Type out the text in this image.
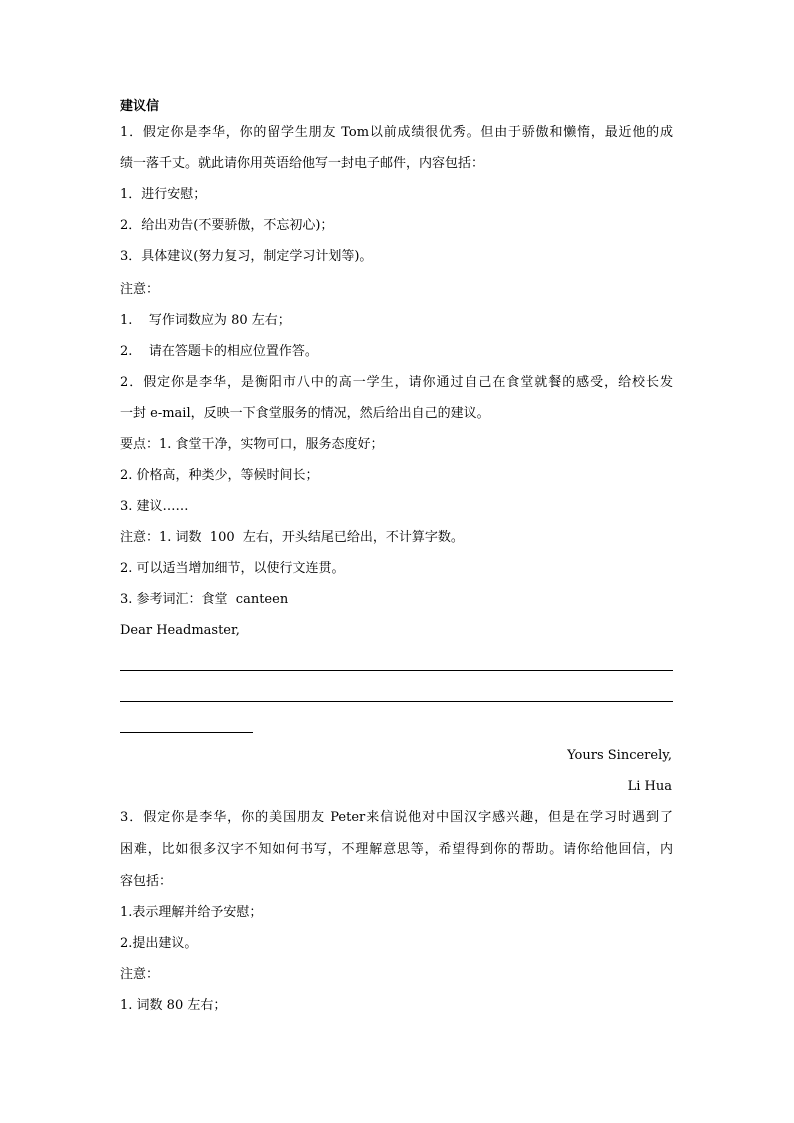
建议信
1．假定你是李华，你的留学生朋友 Tom以前成绩很优秀。但由于骄傲和懒惰，最近他的成
绩一落千丈。就此请你用英语给他写一封电子邮件，内容包括：
1．进行安慰；
2．给出劝告(不要骄傲，不忘初心)；
3．具体建议(努力复习，制定学习计划等)。
注意：
1.    写作词数应为 80 左右；
2.    请在答题卡的相应位置作答。
2．假定你是李华，是衡阳市八中的高一学生，请你通过自己在食堂就餐的感受，给校长发
一封 e-mail，反映一下食堂服务的情况，然后给出自己的建议。
要点：1. 食堂干净，实物可口，服务态度好；
2. 价格高，种类少，等候时间长；
3. 建议……
注意：1. 词数  100  左右，开头结尾已给出，不计算字数。
2. 可以适当增加细节，以使行文连贯。
3. 参考词汇：食堂  canteen
Dear Headmaster,
Yours Sincerely,
Li Hua
3．假定你是李华，你的美国朋友 Peter来信说他对中国汉字感兴趣，但是在学习时遇到了
困难，比如很多汉字不知如何书写，不理解意思等，希望得到你的帮助。请你给他回信，内
容包括：
1.表示理解并给予安慰；
2.提出建议。
注意：
1. 词数 80 左右；
